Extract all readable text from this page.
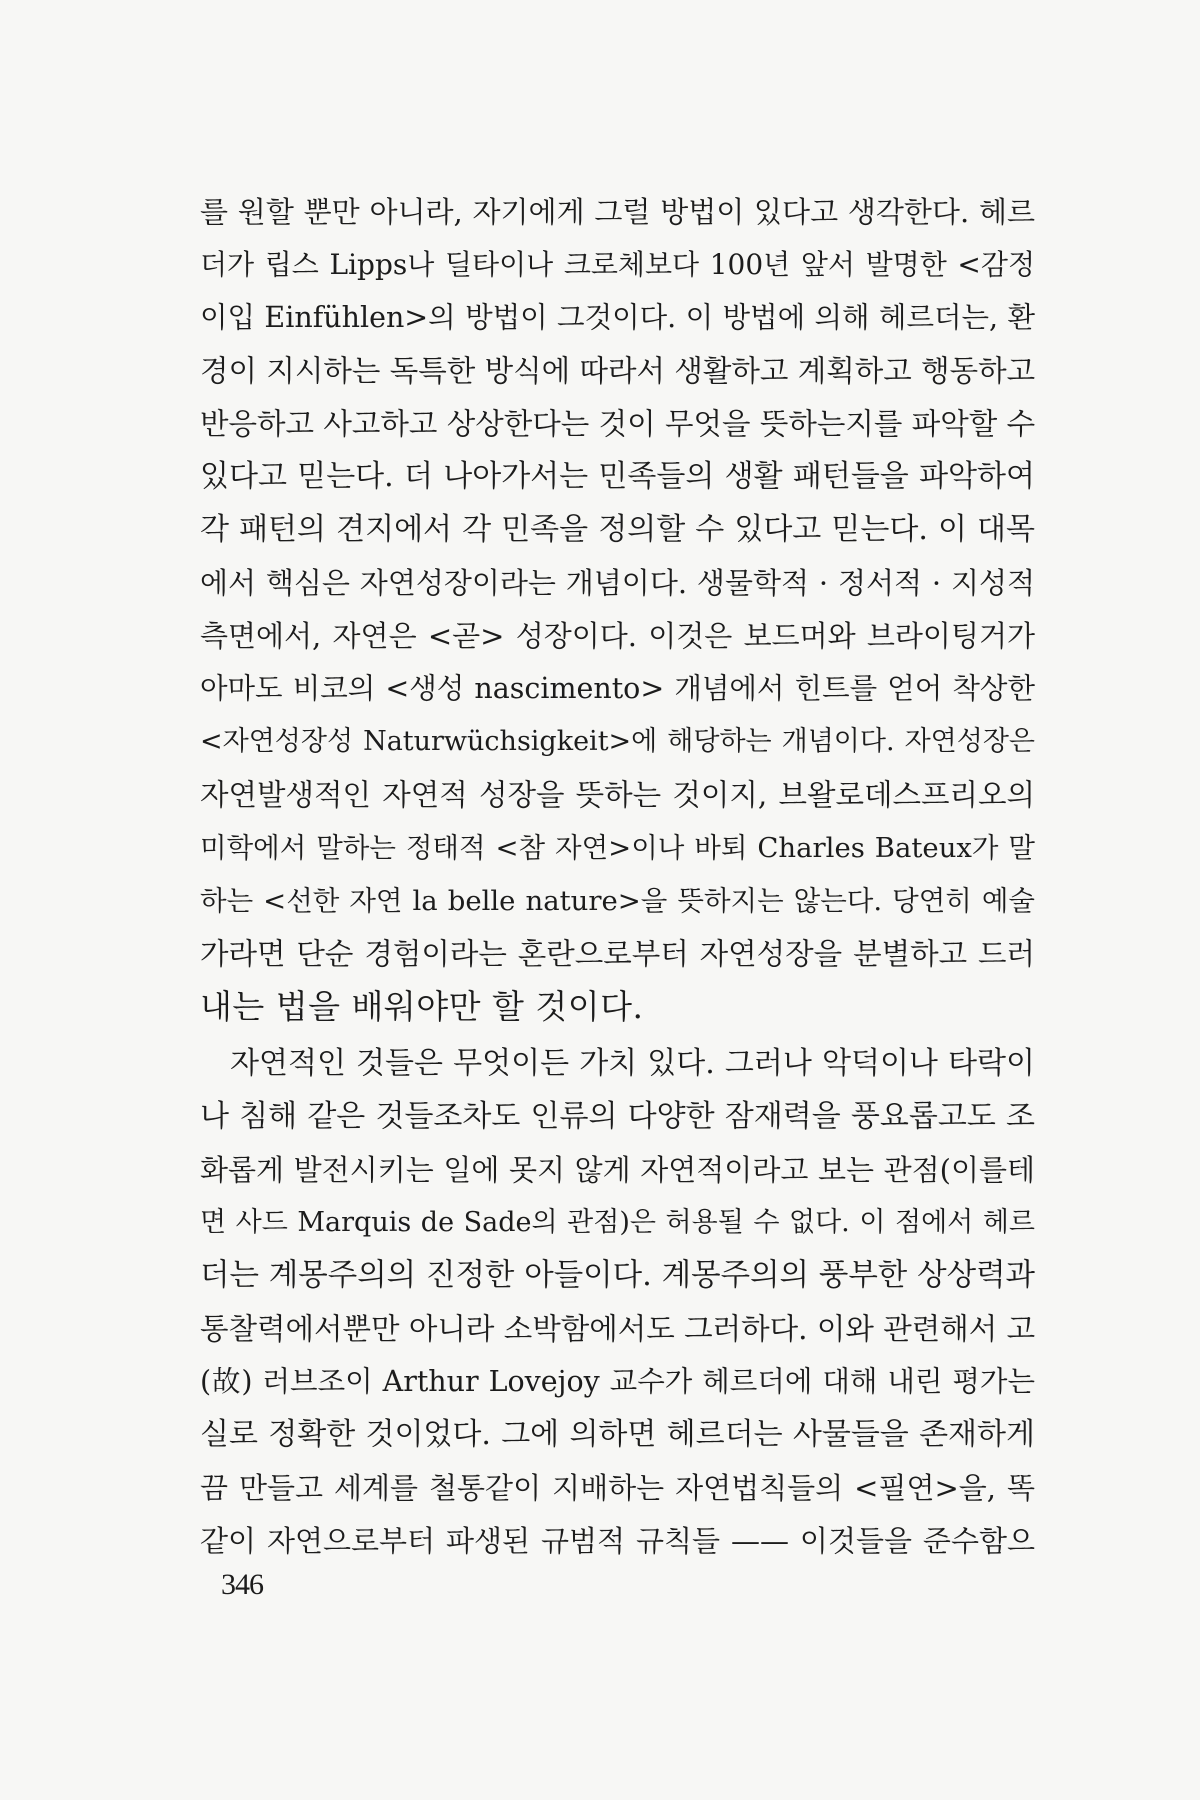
를 원할 뿐만 아니라, 자기에게 그럴 방법이 있다고 생각한다. 헤르
더가 립스 Lipps나 딜타이나 크로체보다 100년 앞서 발명한 <감정
이입 Einfühlen>의 방법이 그것이다. 이 방법에 의해 헤르더는, 환
경이 지시하는 독특한 방식에 따라서 생활하고 계획하고 행동하고
반응하고 사고하고 상상한다는 것이 무엇을 뜻하는지를 파악할 수
있다고 믿는다. 더 나아가서는 민족들의 생활 패턴들을 파악하여
각 패턴의 견지에서 각 민족을 정의할 수 있다고 믿는다. 이 대목
에서 핵심은 자연성장이라는 개념이다. 생물학적 · 정서적 · 지성적
측면에서, 자연은 <곧> 성장이다. 이것은 보드머와 브라이팅거가
아마도 비코의 <생성 nascimento> 개념에서 힌트를 얻어 착상한
<자연성장성 Naturwüchsigkeit>에 해당하는 개념이다. 자연성장은
자연발생적인 자연적 성장을 뜻하는 것이지, 브왈로데스프리오의
미학에서 말하는 정태적 <참 자연>이나 바퇴 Charles Bateux가 말
하는 <선한 자연 la belle nature>을 뜻하지는 않는다. 당연히 예술
가라면 단순 경험이라는 혼란으로부터 자연성장을 분별하고 드러
내는 법을 배워야만 할 것이다.
자연적인 것들은 무엇이든 가치 있다. 그러나 악덕이나 타락이
나 침해 같은 것들조차도 인류의 다양한 잠재력을 풍요롭고도 조
화롭게 발전시키는 일에 못지 않게 자연적이라고 보는 관점(이를테
면 사드 Marquis de Sade의 관점)은 허용될 수 없다. 이 점에서 헤르
더는 계몽주의의 진정한 아들이다. 계몽주의의 풍부한 상상력과
통찰력에서뿐만 아니라 소박함에서도 그러하다. 이와 관련해서 고
(故) 러브조이 Arthur Lovejoy 교수가 헤르더에 대해 내린 평가는
실로 정확한 것이었다. 그에 의하면 헤르더는 사물들을 존재하게
끔 만들고 세계를 철통같이 지배하는 자연법칙들의 <필연>을, 똑
같이 자연으로부터 파생된 규범적 규칙들 —— 이것들을 준수함으
346
